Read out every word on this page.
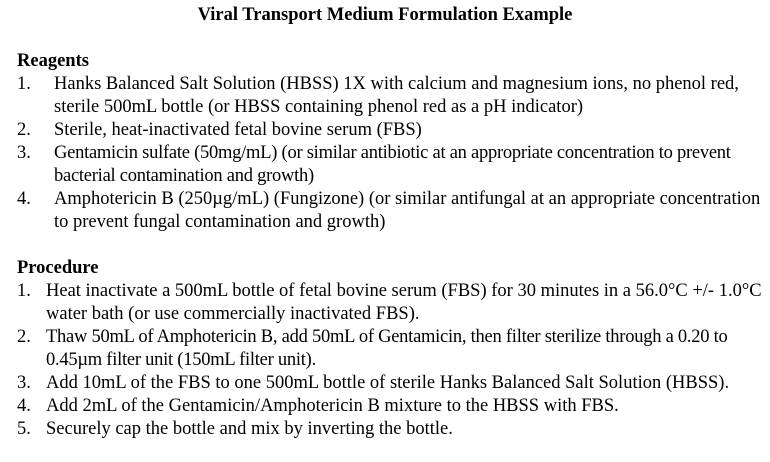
Viral Transport Medium Formulation Example
Reagents
1. Hanks Balanced Salt Solution (HBSS) 1X with calcium and magnesium ions, no phenol red, sterile 500mL bottle (or HBSS containing phenol red as a pH indicator)
2. Sterile, heat-inactivated fetal bovine serum (FBS)
3. Gentamicin sulfate (50mg/mL) (or similar antibiotic at an appropriate concentration to prevent bacterial contamination and growth)
4. Amphotericin B (250µg/mL) (Fungizone) (or similar antifungal at an appropriate concentration to prevent fungal contamination and growth)
Procedure
1. Heat inactivate a 500mL bottle of fetal bovine serum (FBS) for 30 minutes in a 56.0°C +/- 1.0°C water bath (or use commercially inactivated FBS).
2. Thaw 50mL of Amphotericin B, add 50mL of Gentamicin, then filter sterilize through a 0.20 to 0.45µm filter unit (150mL filter unit).
3. Add 10mL of the FBS to one 500mL bottle of sterile Hanks Balanced Salt Solution (HBSS).
4. Add 2mL of the Gentamicin/Amphotericin B mixture to the HBSS with FBS.
5. Securely cap the bottle and mix by inverting the bottle.
